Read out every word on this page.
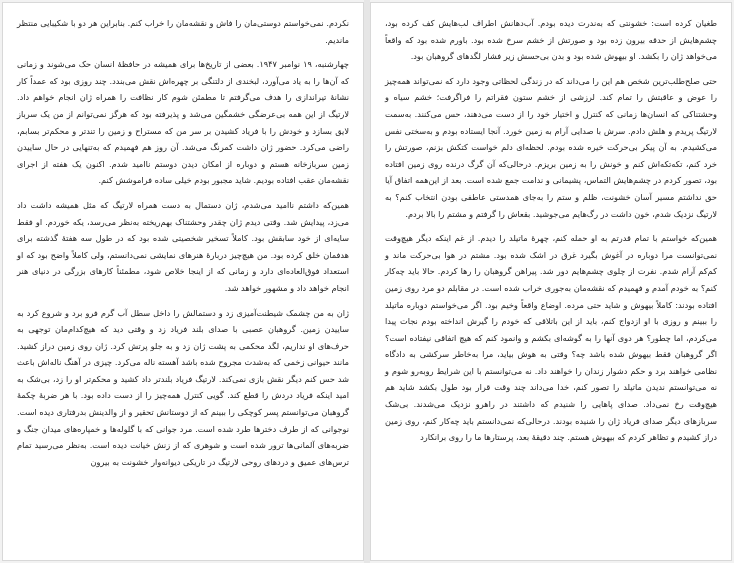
نکردم. نمی‌خواستم دوستی‌مان را فاش و نقشه‌مان را خراب کنم. بنابراین هر دو با شکیبایی منتظر ماندیم.

چهارشنبه، ۱۹ نوامبر ۱۹۴۷. بعضی از تاریخ‌ها برای همیشه در حافظهٔ انسان حک می‌شوند و زمانی که آن‌ها را به یاد می‌آورد، لبخندی از دلتنگی بر چهره‌اش نقش می‌بندد. چند روزی بود که عمداً کار نشانهٔ تیراندازی را هدف می‌گرفتم تا مطمئن شوم کار نظافت را همراه ژان انجام خواهم داد. لارتیگ از این همه بی‌عرضگی خشمگین می‌شد و پذیرفته بود که هرگز نمی‌توانم از من یک سرباز لایق بسازد و خودش را با فریاد کشیدن بر سر من که مستراح و زمین را تندتر و محکم‌تر بسابم، راضی می‌کرد. حضور ژان داشت کمرنگ می‌شد. آن روز هم فهمیدم که به‌تنهایی در حال ساییدن زمین سربازخانه هستم و دوباره از امکان دیدن دوستم ناامید شدم. اکنون یک هفته از اجرای نقشه‌مان عقب افتاده بودیم. شاید مجبور بودم خیلی ساده فراموشش کنم.

همین‌که داشتم ناامید می‌شدم، ژان دستمال به دست همراه لارتیگ که مثل همیشه داشت داد می‌زد، پیدایش شد. وقتی دیدم ژان چقدر وحشتناک بهم‌ریخته به‌نظر می‌رسد، یکه خوردم. او فقط سایه‌ای از خود سابقش بود. کاملاً تسخیر شخصیتی شده بود که در طول سه هفتهٔ گذشته برای هدفمان خلق کرده بود. من هیچ‌چیز دربارهٔ هنرهای نمایشی نمی‌دانستم، ولی کاملاً واضح بود که او استعداد فوق‌العاده‌ای دارد و زمانی که از اینجا خلاص شود، مطمئناً کارهای بزرگی در دنیای هنر انجام خواهد داد و مشهور خواهد شد.

ژان به من چشمک شیطنت‌آمیزی زد و دستمالش را داخل سطل آب گرم فرو برد و شروع کرد به ساییدن زمین. گروهبان عصبی با صدای بلند فریاد زد و وقتی دید که هیچ‌کدام‌مان توجهی به حرف‌های او نداریم، لگد محکمی به پشت ژان زد و به جلو پرتش کرد. ژان روی زمین دراز کشید. مانند حیوانی زخمی که به‌شدت مجروح شده باشد آهسته ناله می‌کرد. چیزی در آهنگ ناله‌اش باعث شد حس کنم دیگر نقش بازی نمی‌کند. لارتیگ فریاد بلندتر داد کشید و محکم‌تر او را زد، بی‌شک به امید اینکه فریاد دردش را قطع کند. گویی کنترل همه‌چیز را از دست داده بود. با هر ضربهٔ چکمهٔ گروهبان می‌توانستم پسر کوچکی را ببینم که از دوستانش تحقیر و از والدینش بدرفتاری دیده است. نوجوانی که از طرف دخترها طرد شده است. مرد جوانی که با گلوله‌ها و خمپاره‌های میدان جنگ و ضربه‌های آلمانی‌ها ترور شده است و شوهری که از زنش خیانت دیده است. به‌نظر می‌رسید تمام ترس‌های عمیق و دردهای روحی لارتیگ در تاریکی دیوانه‌وار خشونت به بیرون

طغیان کرده است: خشونتی که به‌ندرت دیده بودم. آب‌دهانش اطراف لب‌هایش کف کرده بود، چشم‌هایش از حدقه بیرون زده بود و صورتش از خشم سرخ شده بود. باورم شده بود که واقعاً می‌خواهد ژان را بکشد. او بیهوش شده بود و بدن بی‌حسش زیر فشار لگدهای گروهبان بود.

حتی صلح‌طلب‌ترین شخص هم این را می‌داند که در زندگی لحظاتی وجود دارد که نمی‌تواند همه‌چیز را عوض و عاقبتش را تمام کند. لرزشی از خشم ستون فقراتم را فراگرفت؛ خشم سیاه و وحشتناکی که انسان‌ها زمانی که کنترل و اختیار خود را از دست می‌دهند، حس می‌کنند. به‌سمت لارتیگ پریدم و هلش دادم. سرش با صدایی آرام به زمین خورد. آنجا ایستاده بودم و به‌سختی نفس می‌کشیدم. به آن پیکر بی‌حرکت خیره شده بودم. لحظه‌ای دلم خواست کتکش بزنم، صورتش را خرد کنم، تکه‌تکه‌اش کنم و خونش را به زمین بریزم. درحالی‌که آن گرگ درنده روی زمین افتاده بود، تصور کردم در چشم‌هایش التماس، پشیمانی و ندامت جمع شده است. بعد از این‌همه اتفاق آیا حق نداشتم مسیر آسان خشونت، ظلم و ستم را به‌جای همدستی عاطفی بودن انتخاب کنم؟ به لارتیگ نزدیک شدم، خون داشت در رگ‌هایم می‌جوشید. بقعاش را گرفتم و مشتم را بالا بردم.

همین‌که خواستم با تمام قدرتم به او حمله کنم، چهرهٔ ماتیلد را دیدم. از غم اینکه دیگر هیچ‌وقت نمی‌توانست مرا دوباره در آغوش بگیرد غرق در اشک شده بود. مشتم در هوا بی‌حرکت ماند و کم‌کم آرام شدم. نفرت از چلوی چشم‌هایم دور شد. پیراهن گروهبان را رها کردم. حالا باید چه‌کار کنم؟ به خودم آمدم و فهمیدم که نقشه‌مان به‌جوری خراب شده است. در مقابلم دو مرد روی زمین افتاده بودند: کاملاً بیهوش و شاید حتی مرده. اوضاع واقعاً وخیم بود. اگر می‌خواستم دوباره ماتیلد را ببینم و روزی با او ازدواج کنم، باید از این باتلاقی که خودم را گیرش انداخته بودم نجات پیدا می‌کردم، اما چطور؟ هر دوی آنها را به گوشه‌ای بکشم و وانمود کنم که هیچ اتفاقی نیفتاده است؟ اگر گروهبان فقط بیهوش شده باشد چه؟ وقتی به هوش بیاید، مرا به‌خاطر سرکشی به دادگاه نظامی خواهند برد و حکم دشوار زندان را خواهند داد. نه می‌توانستم با این شرایط روبه‌رو شوم و نه می‌توانستم ندیدن ماتیلد را تصور کنم، خدا می‌داند چند وقت قرار بود طول بکشد شاید هم هیچ‌وقت رخ نمی‌داد. صدای پاهایی را شنیدم که داشتند در راهرو نزدیک می‌شدند. بی‌شک سربازهای دیگر صدای فریاد ژان را شنیده بودند. درحالی‌که نمی‌دانستم باید چه‌کار کنم، روی زمین دراز کشیدم و تظاهر کردم که بیهوش هستم. چند دقیقهٔ بعد، پرستارها ما را روی برانکارد
